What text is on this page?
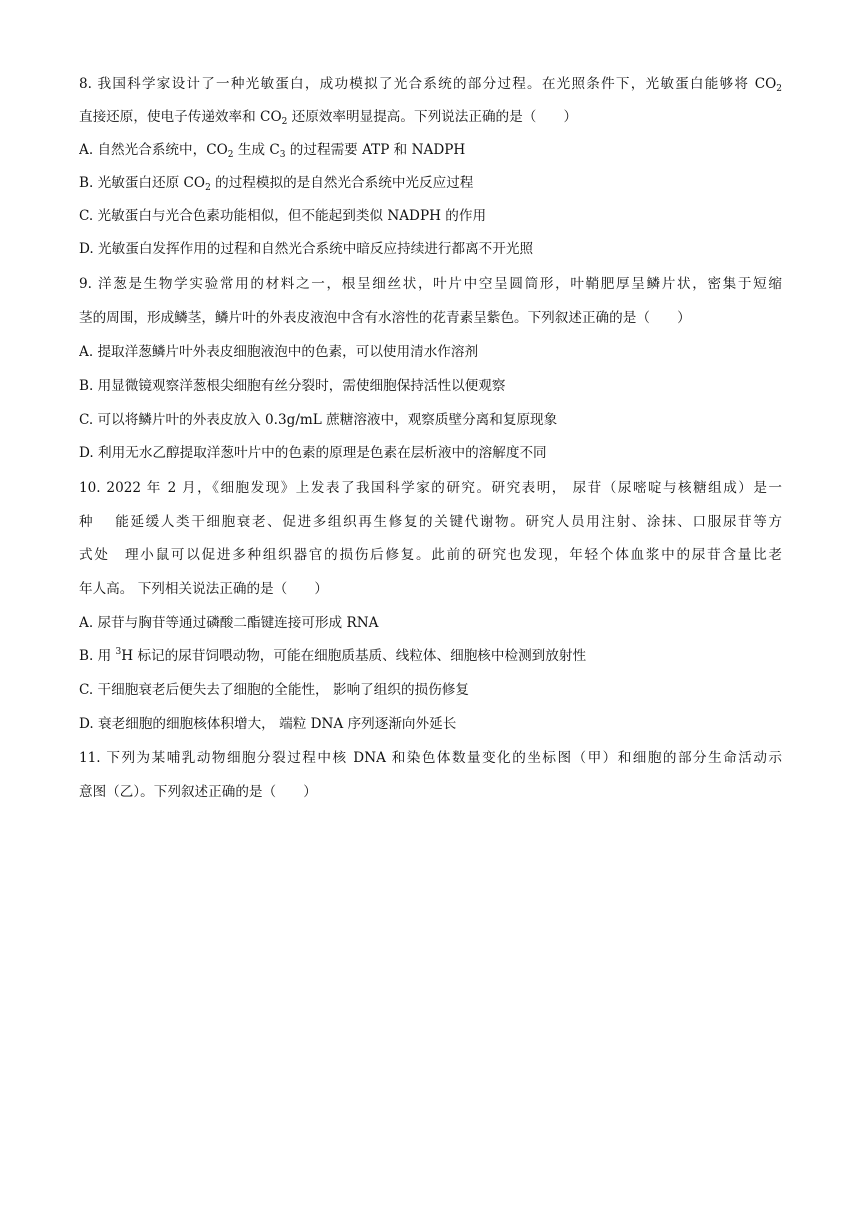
8. 我国科学家设计了一种光敏蛋白，成功模拟了光合系统的部分过程。在光照条件下，光敏蛋白能够将 $CO_2$
直接还原，使电子传递效率和 $CO_2$ 还原效率明显提高。下列说法正确的是（　　）
A. 自然光合系统中，$CO_2$ 生成 $C_3$ 的过程需要 ATP 和 NADPH
B. 光敏蛋白还原 $CO_2$ 的过程模拟的是自然光合系统中光反应过程
C. 光敏蛋白与光合色素功能相似，但不能起到类似 NADPH 的作用
D. 光敏蛋白发挥作用的过程和自然光合系统中暗反应持续进行都离不开光照
9. 洋葱是生物学实验常用的材料之一，根呈细丝状，叶片中空呈圆筒形，叶鞘肥厚呈鳞片状，密集于短缩
茎的周围，形成鳞茎，鳞片叶的外表皮液泡中含有水溶性的花青素呈紫色。下列叙述正确的是（　　）
A. 提取洋葱鳞片叶外表皮细胞液泡中的色素，可以使用清水作溶剂
B. 用显微镜观察洋葱根尖细胞有丝分裂时，需使细胞保持活性以便观察
C. 可以将鳞片叶的外表皮放入 0.3g/mL 蔗糖溶液中，观察质壁分离和复原现象
D. 利用无水乙醇提取洋葱叶片中的色素的原理是色素在层析液中的溶解度不同
10. 2022 年 2 月，《细胞发现》上发表了我国科学家的研究。研究表明， 尿苷（尿嘧啶与核糖组成）是一
种　 能延缓人类干细胞衰老、促进多组织再生修复的关键代谢物。研究人员用注射、涂抹、口服尿苷等方
式处　理小鼠可以促进多种组织器官的损伤后修复。此前的研究也发现，年轻个体血浆中的尿苷含量比老
年人高。 下列相关说法正确的是（　　）
A. 尿苷与胸苷等通过磷酸二酯键连接可形成 RNA
B. 用 $^3$H 标记的尿苷饲喂动物，可能在细胞质基质、线粒体、细胞核中检测到放射性
C. 干细胞衰老后便失去了细胞的全能性， 影响了组织的损伤修复
D. 衰老细胞的细胞核体积增大， 端粒 DNA 序列逐渐向外延长
11. 下列为某哺乳动物细胞分裂过程中核 DNA 和染色体数量变化的坐标图（甲）和细胞的部分生命活动示
意图（乙）。下列叙述正确的是（　　）
